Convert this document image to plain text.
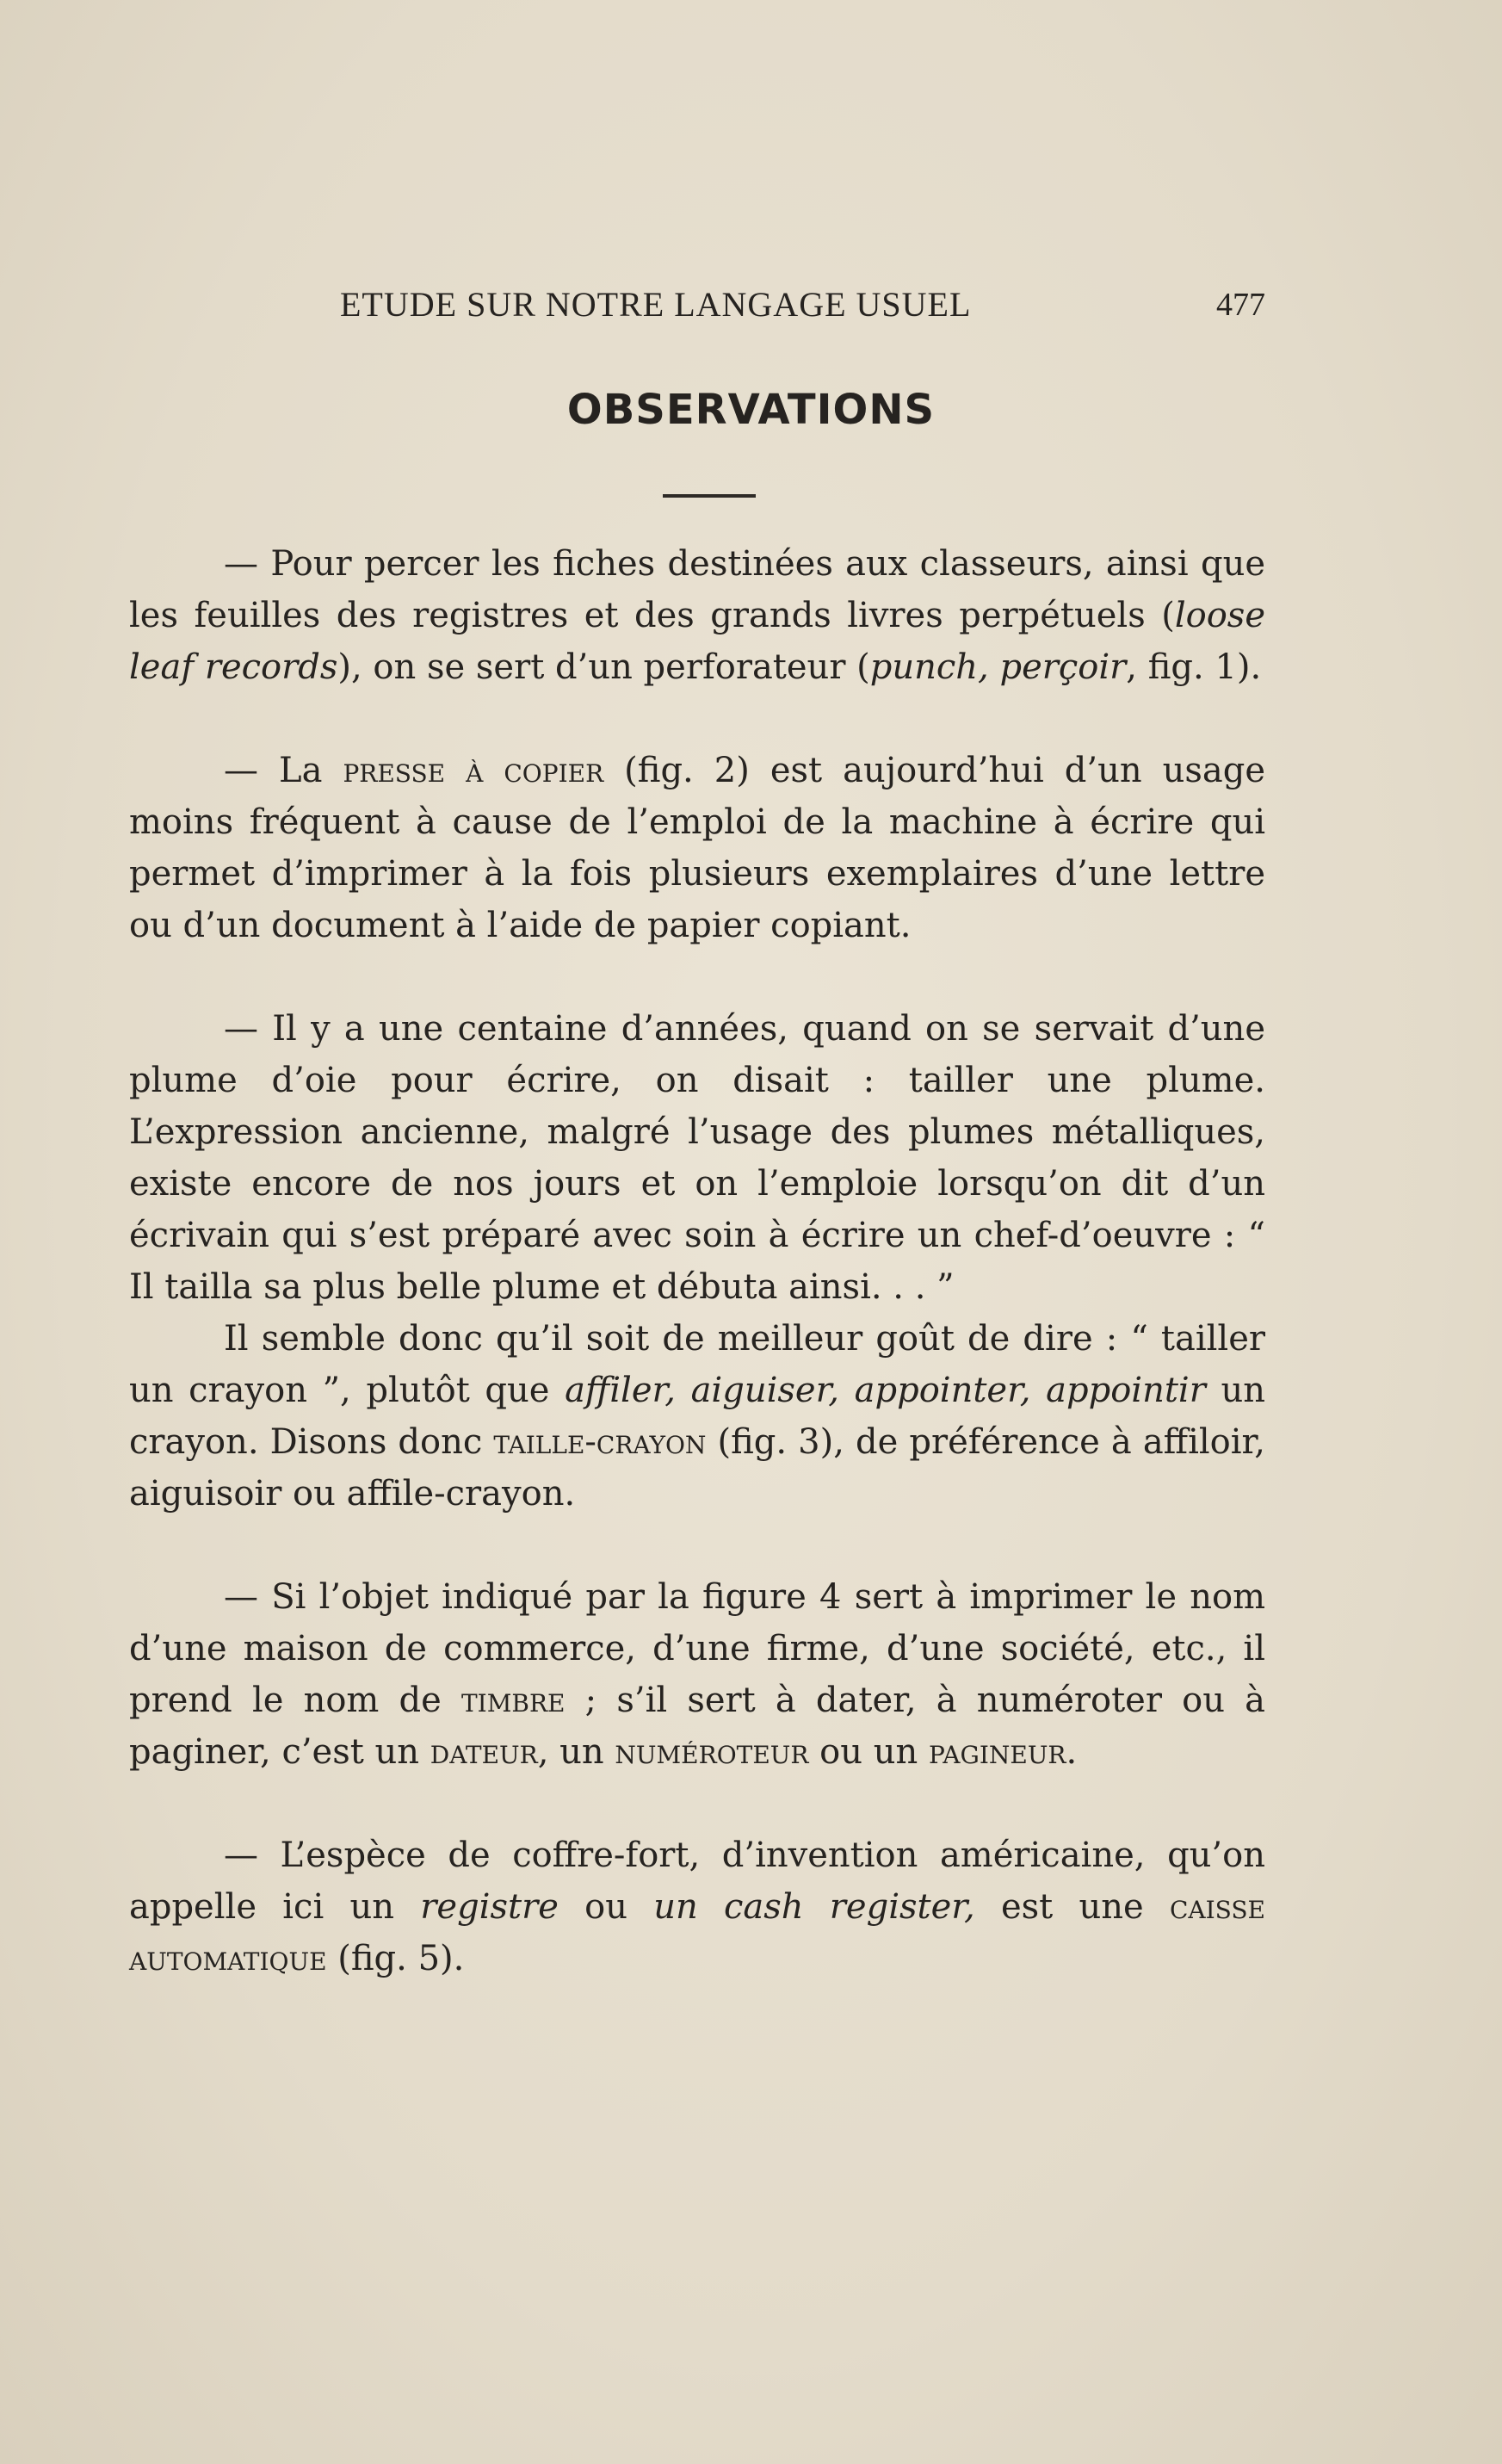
ETUDE SUR NOTRE LANGAGE USUEL	477
OBSERVATIONS

— Pour percer les fiches destinées aux classeurs, ainsi que les feuilles des registres et des grands livres perpétuels (loose leaf records), on se sert d’un perforateur (punch, perçoir, fig. 1).

— La presse à copier (fig. 2) est aujourd’hui d’un usage moins fréquent à cause de l’emploi de la machine à écrire qui permet d’imprimer à la fois plusieurs exemplaires d’une lettre ou d’un document à l’aide de papier copiant.

— Il y a une centaine d’années, quand on se servait d’une plume d’oie pour écrire, on disait : tailler une plume. L’expression ancienne, malgré l’usage des plumes métalliques, existe encore de nos jours et on l’emploie lorsqu’on dit d’un écrivain qui s’est préparé avec soin à écrire un chef-d’oeuvre : “ Il tailla sa plus belle plume et débuta ainsi. . . ”

Il semble donc qu’il soit de meilleur goût de dire : “ tailler un crayon ”, plutôt que affiler, aiguiser, appointer, appointir un crayon. Disons donc taille-crayon (fig. 3), de préférence à affiloir, aiguisoir ou affile-crayon.

— Si l’objet indiqué par la figure 4 sert à imprimer le nom d’une maison de commerce, d’une firme, d’une société, etc., il prend le nom de timbre ; s’il sert à dater, à numéroter ou à paginer, c’est un dateur, un numéroteur ou un pagineur.

— L’espèce de coffre-fort, d’invention américaine, qu’on appelle ici un registre ou un cash register, est une caisse automatique (fig. 5).
